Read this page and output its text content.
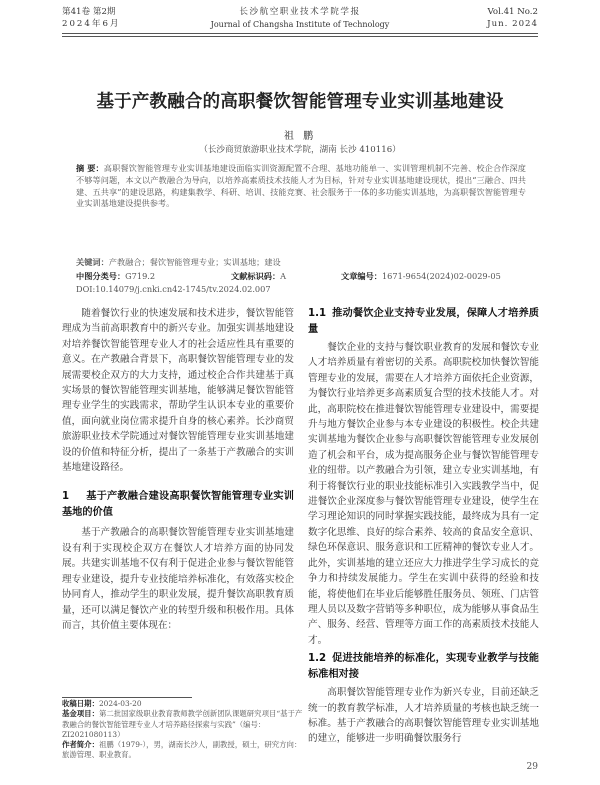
第41卷 第2期
2024年6月
长沙航空职业技术学院学报
Journal of Changsha Institute of Technology
Vol.41 No.2
Jun. 2024
基于产教融合的高职餐饮智能管理专业实训基地建设
祖 鹏
（长沙商贸旅游职业技术学院，湖南 长沙 410116）
摘 要：高职餐饮智能管理专业实训基地建设面临实训资源配置不合理、基地功能单一、实训管理机制不完善、校企合作深度不够等问题，本文以产教融合为导向，以培养高素质技术技能人才为目标，针对专业实训基地建设现状，提出“三融合、四共建、五共享”的建设思路，构建集教学、科研、培训、技能竞赛、社会服务于一体的多功能实训基地，为高职餐饮智能管理专业实训基地建设提供参考。
关键词：产教融合；餐饮智能管理专业；实训基地；建设
中图分类号：G719.2	文献标识码：A	文章编号：1671-9654(2024)02-0029-05
DOI:10.14079/j.cnki.cn42-1745/tv.2024.02.007

随着餐饮行业的快速发展和技术进步，餐饮智能管理成为当前高职教育中的新兴专业。加强实训基地建设对培养餐饮智能管理专业人才的社会适应性具有重要的意义。在产教融合背景下，高职餐饮智能管理专业的发展需要校企双方的大力支持，通过校企合作共建基于真实场景的餐饮智能管理实训基地，能够满足餐饮智能管理专业学生的实践需求，帮助学生认识本专业的重要价值，面向就业岗位需求提升自身的核心素养。长沙商贸旅游职业技术学院通过对餐饮智能管理专业实训基地建设的价值和特征分析，提出了一条基于产教融合的实训基地建设路径。

1 基于产教融合建设高职餐饮智能管理专业实训基地的价值

基于产教融合的高职餐饮智能管理专业实训基地建设有利于实现校企双方在餐饮人才培养方面的协同发展。共建实训基地不仅有利于促进企业参与餐饮智能管理专业建设，提升专业技能培养标准化，有效落实校企协同育人，推动学生的职业发展，提升餐饮高职教育质量，还可以满足餐饮产业的转型升级和积极作用。具体而言，其价值主要体现在：

1.1 推动餐饮企业支持专业发展，保障人才培养质量

餐饮企业的支持与餐饮职业教育的发展和餐饮专业人才培养质量有着密切的关系。高职院校加快餐饮智能管理专业的发展，需要在人才培养方面依托企业资源，为餐饮行业培养更多高素质复合型的技术技能人才。对此，高职院校在推进餐饮智能管理专业建设中，需要提升与地方餐饮企业参与本专业建设的积极性。校企共建实训基地为餐饮企业参与高职餐饮智能管理专业发展创造了机会和平台，成为提高服务企业与餐饮智能管理专业的纽带。以产教融合为引领，建立专业实训基地，有利于将餐饮行业的职业技能标准引入实践教学当中，促进餐饮企业深度参与餐饮智能管理专业建设，使学生在学习理论知识的同时掌握实践技能，最终成为具有一定数字化思维、良好的综合素养、较高的食品安全意识、绿色环保意识、服务意识和工匠精神的餐饮专业人才。此外，实训基地的建立还应大力推进学生学习成长的竞争力和持续发展能力。学生在实训中获得的经验和技能，将使他们在毕业后能够胜任服务员、领班、门店管理人员以及数字营销等多种职位，成为能够从事食品生产、服务、经营、管理等方面工作的高素质技术技能人才。

1.2 促进技能培养的标准化，实现专业教学与技能标准相对接

高职餐饮智能管理专业作为新兴专业，目前还缺乏统一的教育教学标准，人才培养质量的考核也缺乏统一标准。基于产教融合的高职餐饮智能管理专业实训基地的建立，能够进一步明确餐饮服务行

收稿日期：2024-03-20
基金项目：第二批国家级职业教育教师教学创新团队课题研究项目“基于产教融合的餐饮智能管理专业人才培养路径探索与实践”（编号：ZI2021080113）
作者简介：祖鹏（1979-），男，湖南长沙人，副教授，硕士，研究方向：旅游管理、职业教育。
29
